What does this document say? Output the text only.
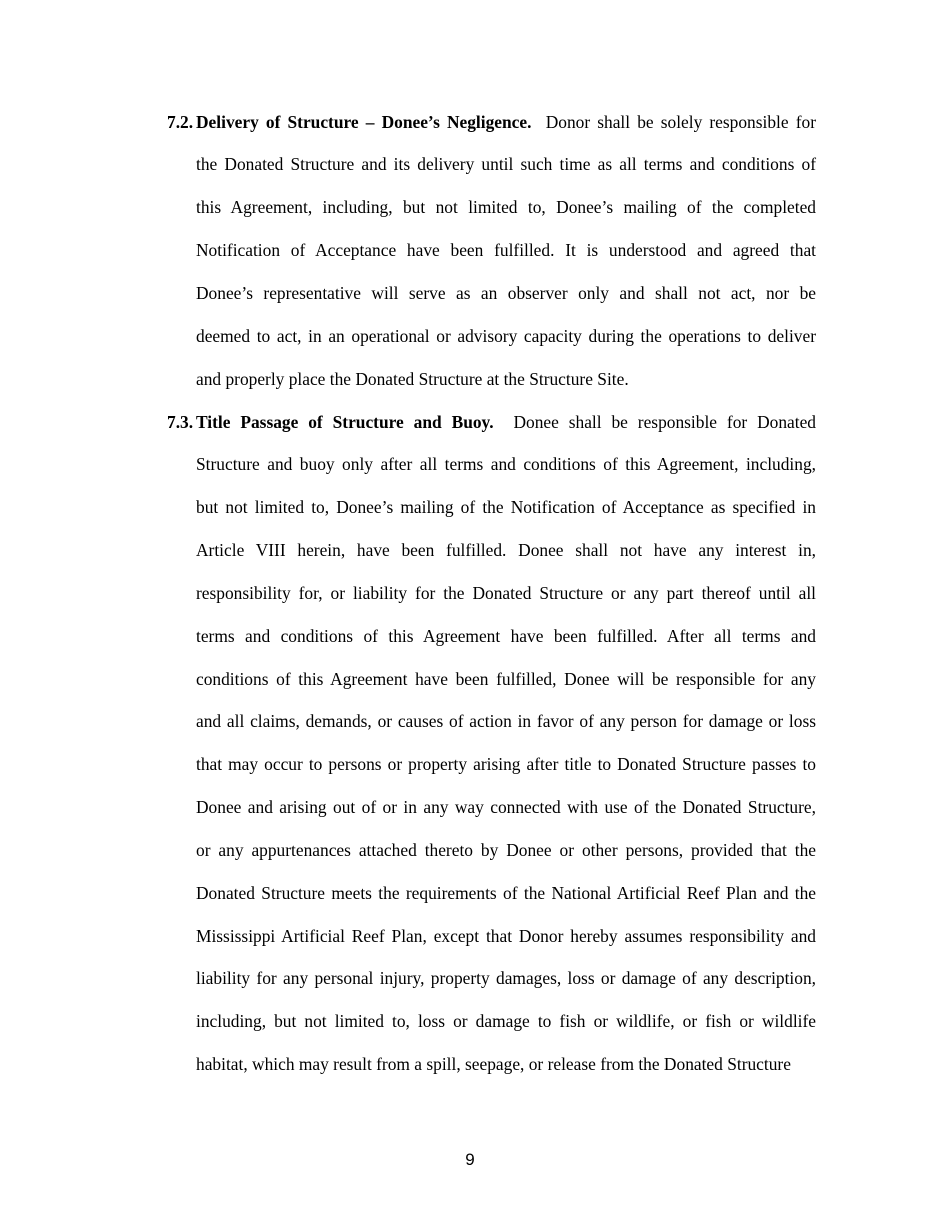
7.2. Delivery of Structure – Donee’s Negligence. Donor shall be solely responsible for
the Donated Structure and its delivery until such time as all terms and conditions of
this Agreement, including, but not limited to, Donee’s mailing of the completed
Notification of Acceptance have been fulfilled. It is understood and agreed that
Donee’s representative will serve as an observer only and shall not act, nor be
deemed to act, in an operational or advisory capacity during the operations to deliver
and properly place the Donated Structure at the Structure Site.
7.3. Title Passage of Structure and Buoy. Donee shall be responsible for Donated
Structure and buoy only after all terms and conditions of this Agreement, including,
but not limited to, Donee’s mailing of the Notification of Acceptance as specified in
Article VIII herein, have been fulfilled. Donee shall not have any interest in,
responsibility for, or liability for the Donated Structure or any part thereof until all
terms and conditions of this Agreement have been fulfilled. After all terms and
conditions of this Agreement have been fulfilled, Donee will be responsible for any
and all claims, demands, or causes of action in favor of any person for damage or loss
that may occur to persons or property arising after title to Donated Structure passes to
Donee and arising out of or in any way connected with use of the Donated Structure,
or any appurtenances attached thereto by Donee or other persons, provided that the
Donated Structure meets the requirements of the National Artificial Reef Plan and the
Mississippi Artificial Reef Plan, except that Donor hereby assumes responsibility and
liability for any personal injury, property damages, loss or damage of any description,
including, but not limited to, loss or damage to fish or wildlife, or fish or wildlife
habitat, which may result from a spill, seepage, or release from the Donated Structure
9
